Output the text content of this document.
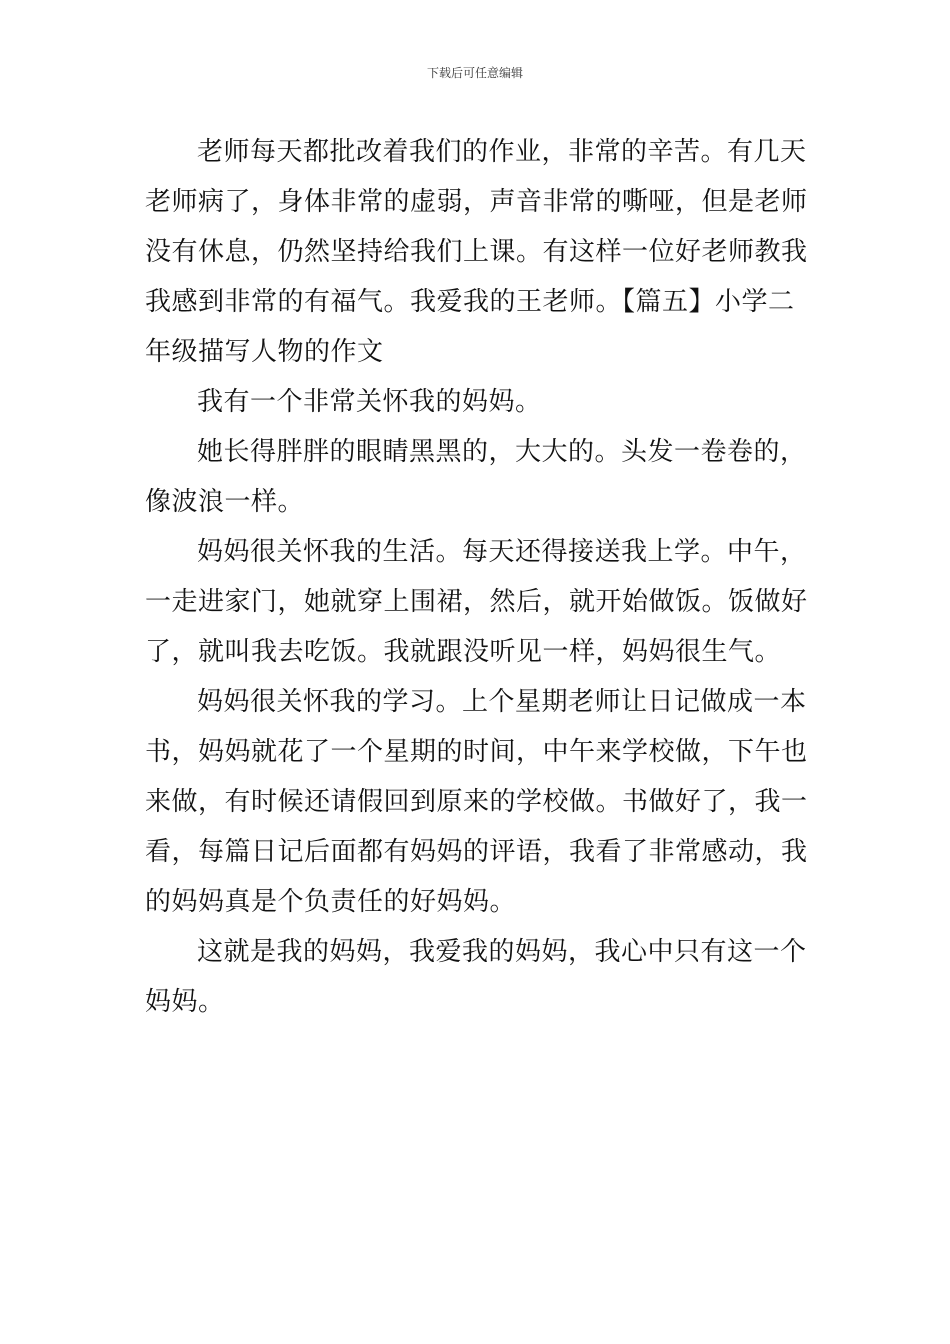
下载后可任意编辑
老师每天都批改着我们的作业，非常的辛苦。有几天
老师病了，身体非常的虚弱，声音非常的嘶哑，但是老师
没有休息，仍然坚持给我们上课。有这样一位好老师教我
我感到非常的有福气。我爱我的王老师。【篇五】小学二
年级描写人物的作文
我有一个非常关怀我的妈妈。
她长得胖胖的眼睛黑黑的，大大的。头发一卷卷的，
像波浪一样。
妈妈很关怀我的生活。每天还得接送我上学。中午，
一走进家门，她就穿上围裙，然后，就开始做饭。饭做好
了，就叫我去吃饭。我就跟没听见一样，妈妈很生气。
妈妈很关怀我的学习。上个星期老师让日记做成一本
书，妈妈就花了一个星期的时间，中午来学校做，下午也
来做，有时候还请假回到原来的学校做。书做好了，我一
看，每篇日记后面都有妈妈的评语，我看了非常感动，我
的妈妈真是个负责任的好妈妈。
这就是我的妈妈，我爱我的妈妈，我心中只有这一个
妈妈。
